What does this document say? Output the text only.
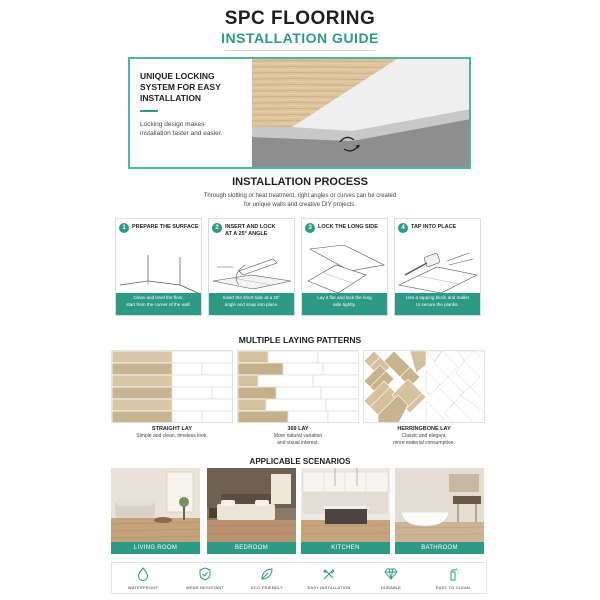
SPC FLOORING
INSTALLATION GUIDE
UNIQUE LOCKING
SYSTEM FOR EASY
INSTALLATION
Locking design makes
installation faster and easier.
INSTALLATION PROCESS
Through slotting or heat treatment, right angles or curves can be created
for unique walls and creative DIY projects.
1	PREPARE THE SURFACE
Clean and level the floor,
start from the corner of the wall.
2	INSERT AND LOCK
AT A 25° ANGLE
Insert the short side at a 25°
angle and snap into place.
3	LOCK THE LONG SIDE
Lay it flat and lock the long
side tightly.
4	TAP INTO PLACE
Use a tapping block and mallet
to secure the planks.
MULTIPLE LAYING PATTERNS
STRAIGHT LAY
Simple and clean, timeless look.
369 LAY
More natural variation
and visual interest.
HERRINGBONE LAY
Classic and elegant,
more material consumption.
APPLICABLE SCENARIOS
LIVING ROOM	BEDROOM	KITCHEN	BATHROOM
WATERPROOF	WEAR RESISTANT	ECO-FRIENDLY	EASY INSTALLATION	DURABLE	EASY TO CLEAN
